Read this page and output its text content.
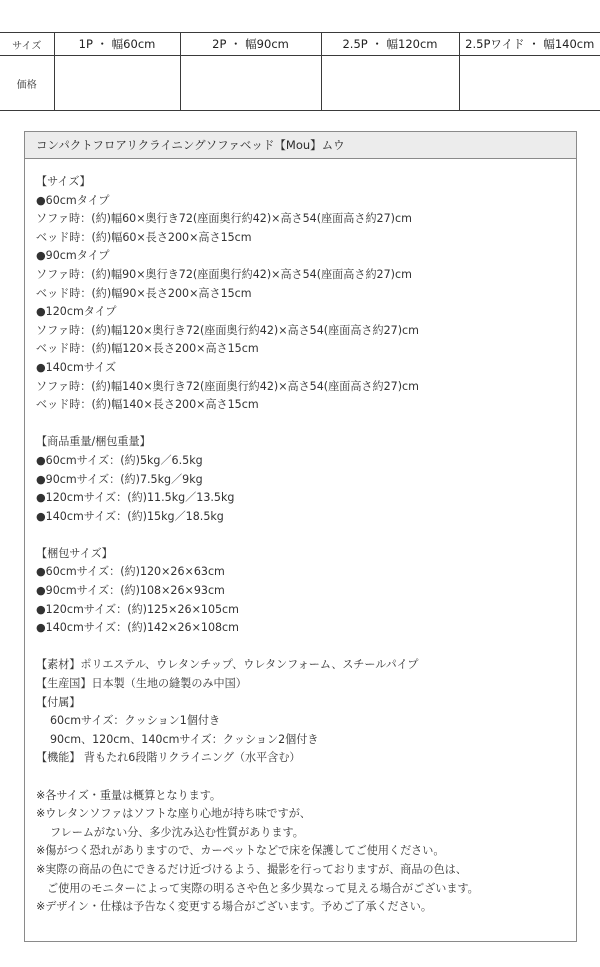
サイズ	1P ・ 幅60cm	2P ・ 幅90cm	2.5P ・ 幅120cm	2.5Pワイド ・ 幅140cm
価格				
コンパクトフロアリクライニングソファベッド【Mou】ムウ
【サイズ】
●60cmタイプ
ソファ時：(約)幅60×奥行き72(座面奥行約42)×高さ54(座面高さ約27)cm
ベッド時：(約)幅60×長さ200×高さ15cm
●90cmタイプ
ソファ時：(約)幅90×奥行き72(座面奥行約42)×高さ54(座面高さ約27)cm
ベッド時：(約)幅90×長さ200×高さ15cm
●120cmタイプ
ソファ時：(約)幅120×奥行き72(座面奥行約42)×高さ54(座面高さ約27)cm
ベッド時：(約)幅120×長さ200×高さ15cm
●140cmサイズ
ソファ時：(約)幅140×奥行き72(座面奥行約42)×高さ54(座面高さ約27)cm
ベッド時：(約)幅140×長さ200×高さ15cm
【商品重量/梱包重量】
●60cmサイズ：(約)5kg／6.5kg
●90cmサイズ：(約)7.5kg／9kg
●120cmサイズ：(約)11.5kg／13.5kg
●140cmサイズ：(約)15kg／18.5kg
【梱包サイズ】
●60cmサイズ：(約)120×26×63cm
●90cmサイズ：(約)108×26×93cm
●120cmサイズ：(約)125×26×105cm
●140cmサイズ：(約)142×26×108cm
【素材】ポリエステル、ウレタンチップ、ウレタンフォーム、スチールパイプ
【生産国】日本製（生地の縫製のみ中国）
【付属】
60cmサイズ：クッション1個付き
90cm、120cm、140cmサイズ：クッション2個付き
【機能】 背もたれ6段階リクライニング（水平含む）
※各サイズ・重量は概算となります。
※ウレタンソファはソフトな座り心地が持ち味ですが、
フレームがない分、多少沈み込む性質があります。
※傷がつく恐れがありますので、カーペットなどで床を保護してご使用ください。
※実際の商品の色にできるだけ近づけるよう、撮影を行っておりますが、商品の色は、
ご使用のモニターによって実際の明るさや色と多少異なって見える場合がございます。
※デザイン・仕様は予告なく変更する場合がございます。予めご了承ください。
